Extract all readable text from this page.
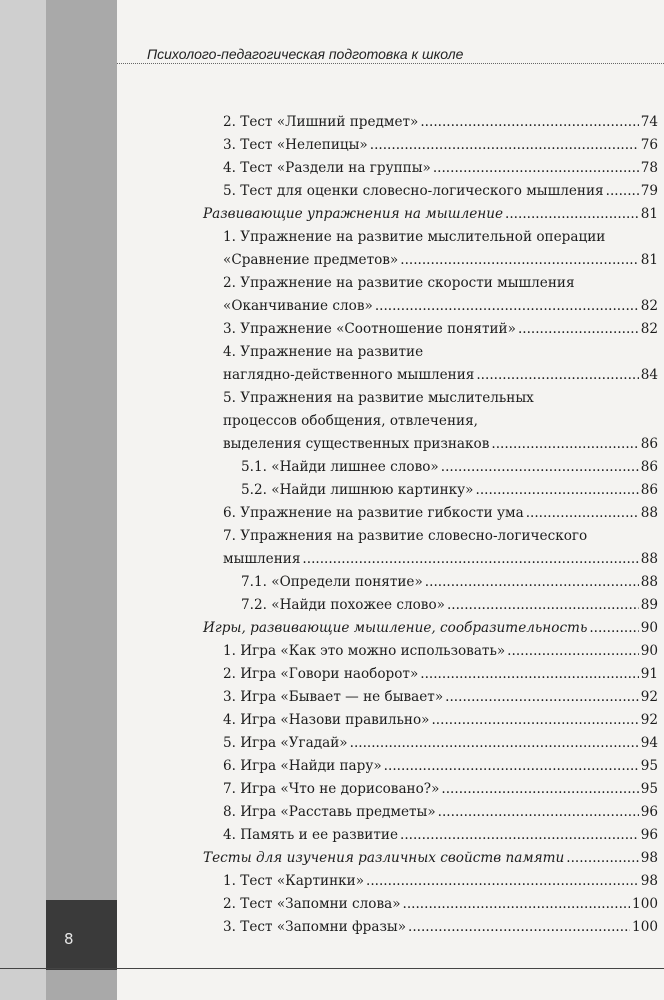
8
Психолого-педагогическая подготовка к школе
2. Тест «Лишний предмет» .....	74
3. Тест «Нелепицы» .....	76
4. Тест «Раздели на группы» .....	78
5. Тест для оценки словесно-логического мышления .....	79
Развивающие упражнения на мышление .....	81
1. Упражнение на развитие мыслительной операции
«Сравнение предметов» .....	81
2. Упражнение на развитие скорости мышления
«Оканчивание слов» .....	82
3. Упражнение «Соотношение понятий» .....	82
4. Упражнение на развитие
наглядно-действенного мышления .....	84
5. Упражнения на развитие мыслительных
процессов обобщения, отвлечения,
выделения существенных признаков .....	86
5.1. «Найди лишнее слово» .....	86
5.2. «Найди лишнюю картинку» .....	86
6. Упражнение на развитие гибкости ума .....	88
7. Упражнения на развитие словесно-логического
мышления .....	88
7.1. «Определи понятие» .....	88
7.2. «Найди похожее слово» .....	89
Игры, развивающие мышление, сообразительность .....	90
1. Игра «Как это можно использовать» .....	90
2. Игра «Говори наоборот» .....	91
3. Игра «Бывает — не бывает» .....	92
4. Игра «Назови правильно» .....	92
5. Игра «Угадай» .....	94
6. Игра «Найди пару» .....	95
7. Игра «Что не дорисовано?» .....	95
8. Игра «Расставь предметы» .....	96
4. Память и ее развитие .....	96
Тесты для изучения различных свойств памяти .....	98
1. Тест «Картинки» .....	98
2. Тест «Запомни слова» .....	100
3. Тест «Запомни фразы» .....	100
